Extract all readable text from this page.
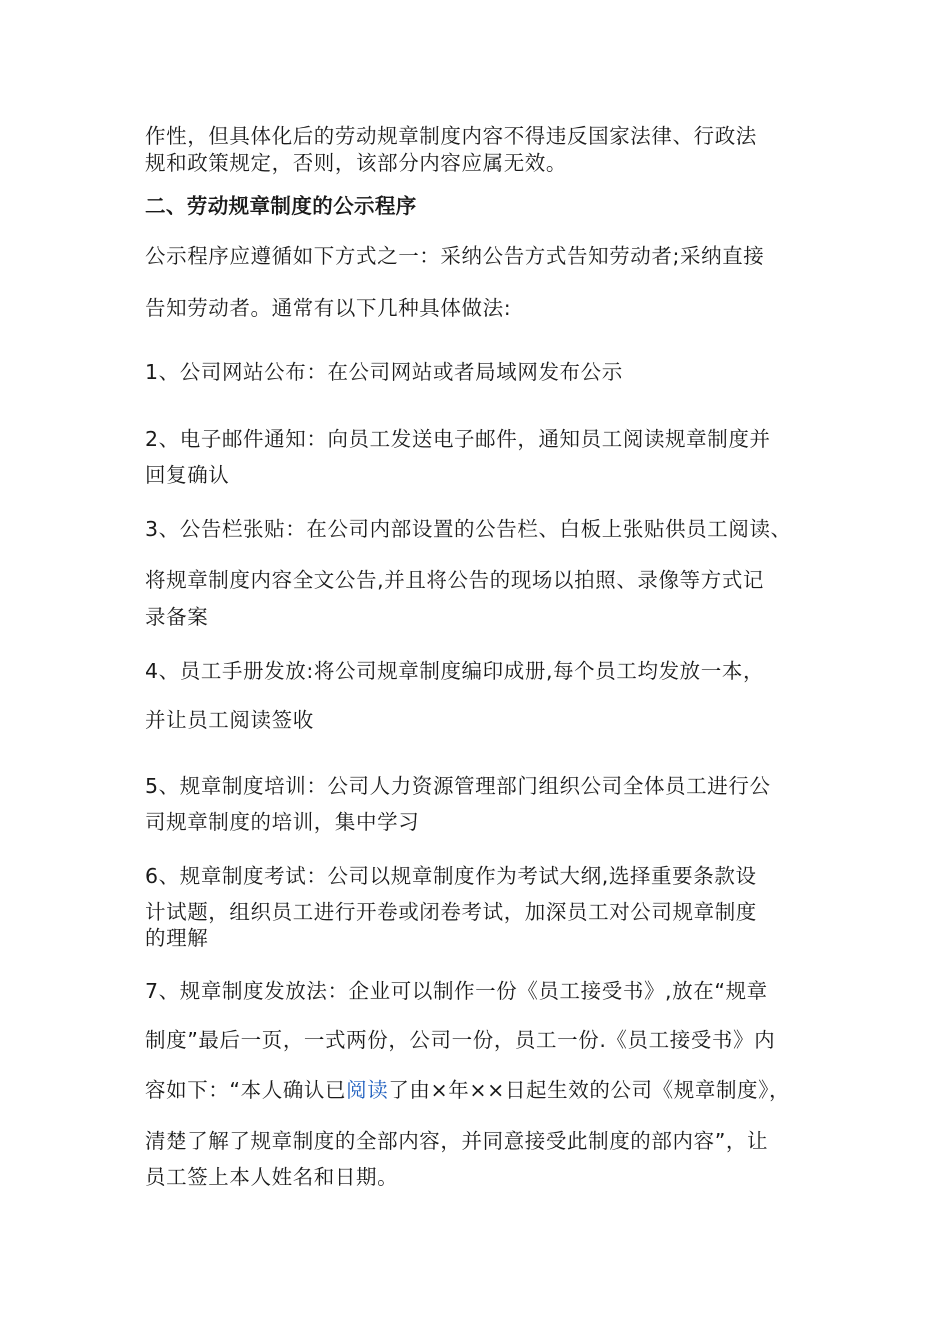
作性，但具体化后的劳动规章制度内容不得违反国家法律、行政法
规和政策规定，否则，该部分内容应属无效。
二、劳动规章制度的公示程序
公示程序应遵循如下方式之一：采纳公告方式告知劳动者;采纳直接
告知劳动者。通常有以下几种具体做法:
1、公司网站公布：在公司网站或者局域网发布公示
2、电子邮件通知：向员工发送电子邮件，通知员工阅读规章制度并
回复确认
3、公告栏张贴：在公司内部设置的公告栏、白板上张贴供员工阅读、
将规章制度内容全文公告,并且将公告的现场以拍照、录像等方式记
录备案
4、员工手册发放:将公司规章制度编印成册,每个员工均发放一本，
并让员工阅读签收
5、规章制度培训：公司人力资源管理部门组织公司全体员工进行公
司规章制度的培训，集中学习
6、规章制度考试：公司以规章制度作为考试大纲,选择重要条款设
计试题，组织员工进行开卷或闭卷考试，加深员工对公司规章制度
的理解
7、规章制度发放法：企业可以制作一份《员工接受书》,放在“规章
制度”最后一页，一式两份，公司一份，员工一份.《员工接受书》内
容如下：“本人确认已阅读了由×年××日起生效的公司《规章制度》，
清楚了解了规章制度的全部内容，并同意接受此制度的部内容”，让
员工签上本人姓名和日期。
